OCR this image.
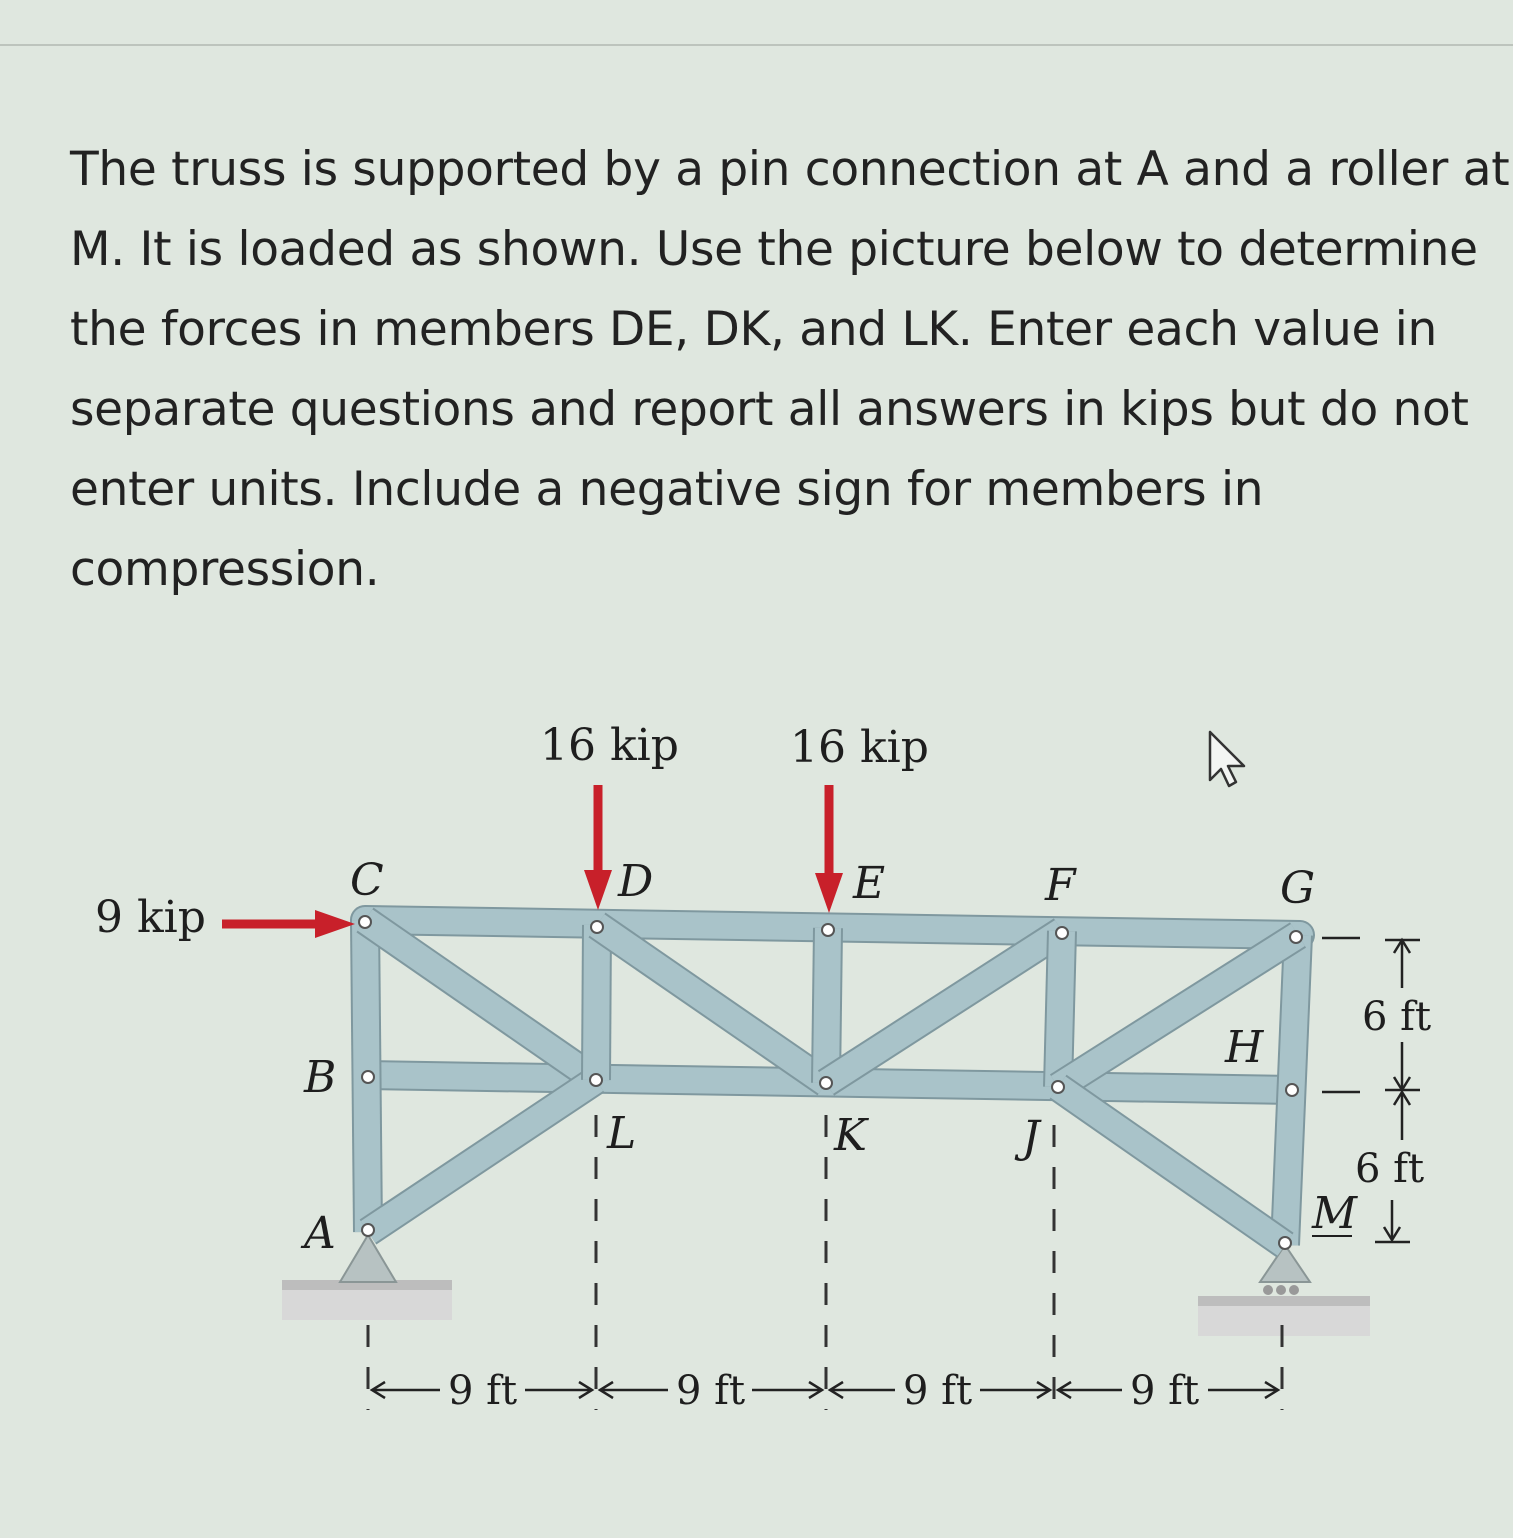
The truss is supported by a pin connection at A and a roller at
M. It is loaded as shown. Use the picture below to determine
the forces in members DE, DK, and LK. Enter each value in
separate questions and report all answers in kips but do not
enter units. Include a negative sign for members in
compression.
16 kip	16 kip
9 kip
C	D	E	F	G
B
H
L	K	J
A	M
9 ft	9 ft	9 ft	9 ft
6 ft
6 ft
